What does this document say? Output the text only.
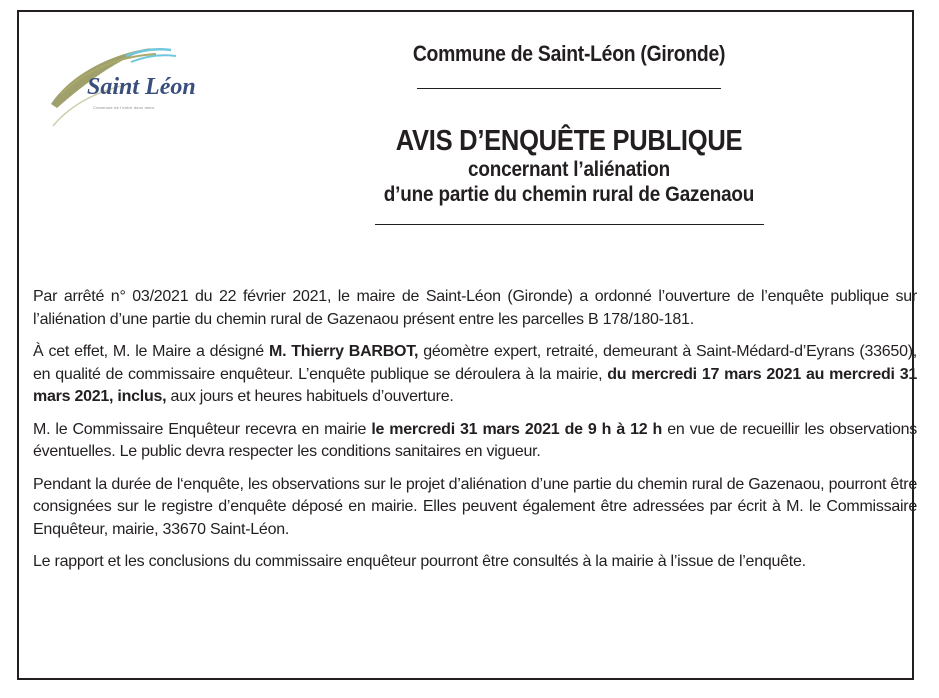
Saint Léon
Commune de l'entre deux mers
Commune de Saint-Léon (Gironde)
AVIS D’ENQUÊTE PUBLIQUE
concernant l’aliénation
d’une partie du chemin rural de Gazenaou

Par arrêté n° 03/2021 du 22 février 2021, le maire de Saint-Léon (Gironde) a ordonné l’ouverture de l’enquête publique sur l’aliénation d’une partie du chemin rural de Gazenaou présent entre les parcelles B 178/180-181.

À cet effet, M. le Maire a désigné M. Thierry BARBOT, géomètre expert, retraité, demeurant à Saint-Médard-d’Eyrans (33650), en qualité de commissaire enquêteur. L’enquête publique se déroulera à la mairie, du mercredi 17 mars 2021 au mercredi 31 mars 2021, inclus, aux jours et heures habituels d’ouverture.

M. le Commissaire Enquêteur recevra en mairie le mercredi 31 mars 2021 de 9 h à 12 h en vue de recueillir les observations éventuelles. Le public devra respecter les conditions sanitaires en vigueur.

Pendant la durée de l‘enquête, les observations sur le projet d’aliénation d’une partie du chemin rural de Gazenaou, pourront être consignées sur le registre d’enquête déposé en mairie. Elles peuvent également être adressées par écrit à M. le Commissaire Enquêteur, mairie, 33670 Saint-Léon.

Le rapport et les conclusions du commissaire enquêteur pourront être consultés à la mairie à l’issue de l’enquête.
